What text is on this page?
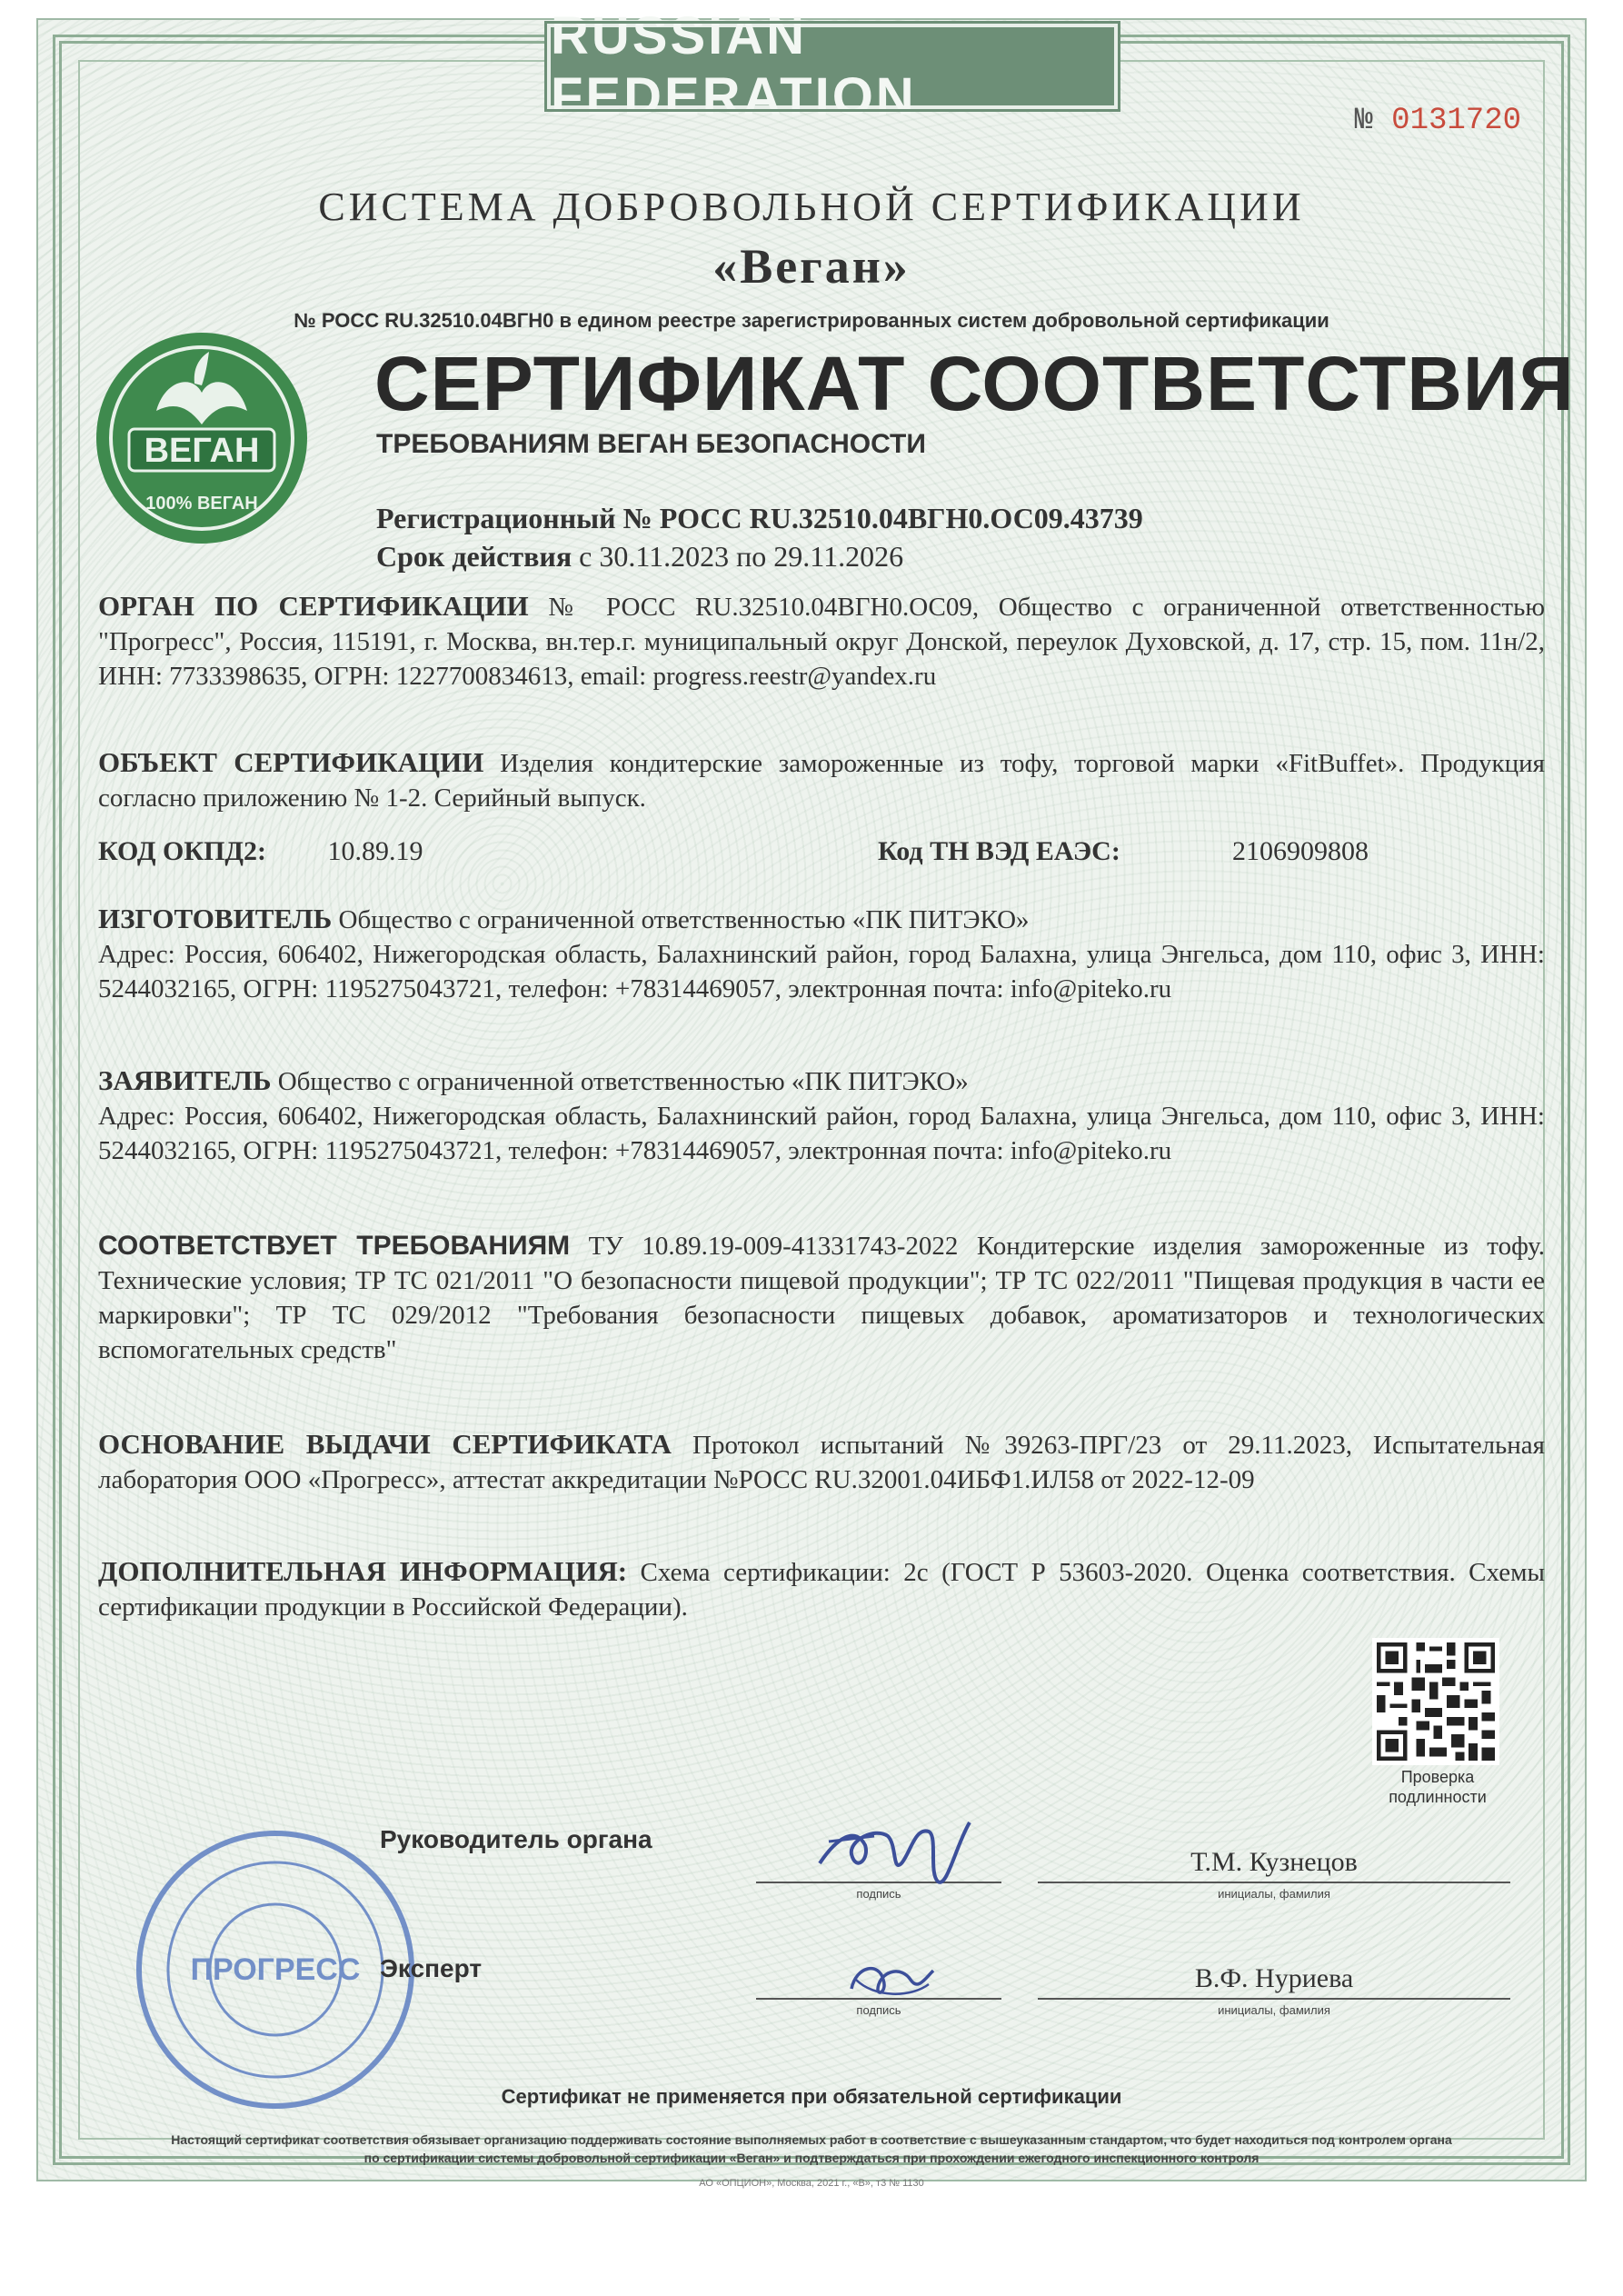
RUSSIAN FEDERATION	№ 0131720
СИСТЕМА ДОБРОВОЛЬНОЙ СЕРТИФИКАЦИИ
«Веган»
№ РОСС RU.32510.04ВГН0 в едином реестре зарегистрированных систем добровольной сертификации
ВЕГАН
100% ВЕГАН
СЕРТИФИКАТ СООТВЕТСТВИЯ
ТРЕБОВАНИЯМ ВЕГАН БЕЗОПАСНОСТИ
Регистрационный № РОСС RU.32510.04ВГН0.ОС09.43739
Срок действия с 30.11.2023 по 29.11.2026
ОРГАН ПО СЕРТИФИКАЦИИ № РОСС RU.32510.04ВГН0.ОС09, Общество с ограниченной ответственностью "Прогресс", Россия, 115191, г. Москва, вн.тер.г. муниципальный округ Донской, переулок Духовской, д. 17, стр. 15, пом. 11н/2, ИНН: 7733398635, ОГРН: 1227700834613, email: progress.reestr@yandex.ru
ОБЪЕКТ СЕРТИФИКАЦИИ Изделия кондитерские замороженные из тофу, торговой марки «FitBuffet». Продукция согласно приложению № 1-2. Серийный выпуск.
КОД ОКПД2: 10.89.19	Код ТН ВЭД ЕАЭС:	2106909808
ИЗГОТОВИТЕЛЬ Общество с ограниченной ответственностью «ПК ПИТЭКО»
Адрес: Россия, 606402, Нижегородская область, Балахнинский район, город Балахна, улица Энгельса, дом 110, офис 3, ИНН: 5244032165, ОГРН: 1195275043721, телефон: +78314469057, электронная почта: info@piteko.ru
ЗАЯВИТЕЛЬ Общество с ограниченной ответственностью «ПК ПИТЭКО»
Адрес: Россия, 606402, Нижегородская область, Балахнинский район, город Балахна, улица Энгельса, дом 110, офис 3, ИНН: 5244032165, ОГРН: 1195275043721, телефон: +78314469057, электронная почта: info@piteko.ru
СООТВЕТСТВУЕТ ТРЕБОВАНИЯМ ТУ 10.89.19-009-41331743-2022 Кондитерские изделия замороженные из тофу. Технические условия; ТР ТС 021/2011 "О безопасности пищевой продукции"; ТР ТС 022/2011 "Пищевая продукция в части ее маркировки"; ТР ТС 029/2012 "Требования безопасности пищевых добавок, ароматизаторов и технологических вспомогательных средств"
ОСНОВАНИЕ ВЫДАЧИ СЕРТИФИКАТА Протокол испытаний №39263-ПРГ/23 от 29.11.2023, Испытательная лаборатория ООО «Прогресс», аттестат аккредитации №РОСС RU.32001.04ИБФ1.ИЛ58 от 2022-12-09
ДОПОЛНИТЕЛЬНАЯ ИНФОРМАЦИЯ: Схема сертификации: 2с (ГОСТ Р 53603-2020. Оценка соответствия. Схемы сертификации продукции в Российской Федерации).
Проверка подлинности
ПРОГРЕСС
Руководитель органа
подпись
Т.М. Кузнецов
инициалы, фамилия
Эксперт
подпись
В.Ф. Нуриева
инициалы, фамилия
Сертификат не применяется при обязательной сертификации
Настоящий сертификат соответствия обязывает организацию поддерживать состояние выполняемых работ в соответствие с вышеуказанным стандартом, что будет находиться под контролем органа по сертификации системы добровольной сертификации «Веган» и подтверждаться при прохождении ежегодного инспекционного контроля
АО «ОПЦИОН», Москва, 2021 г., «В», т3 № 1130
